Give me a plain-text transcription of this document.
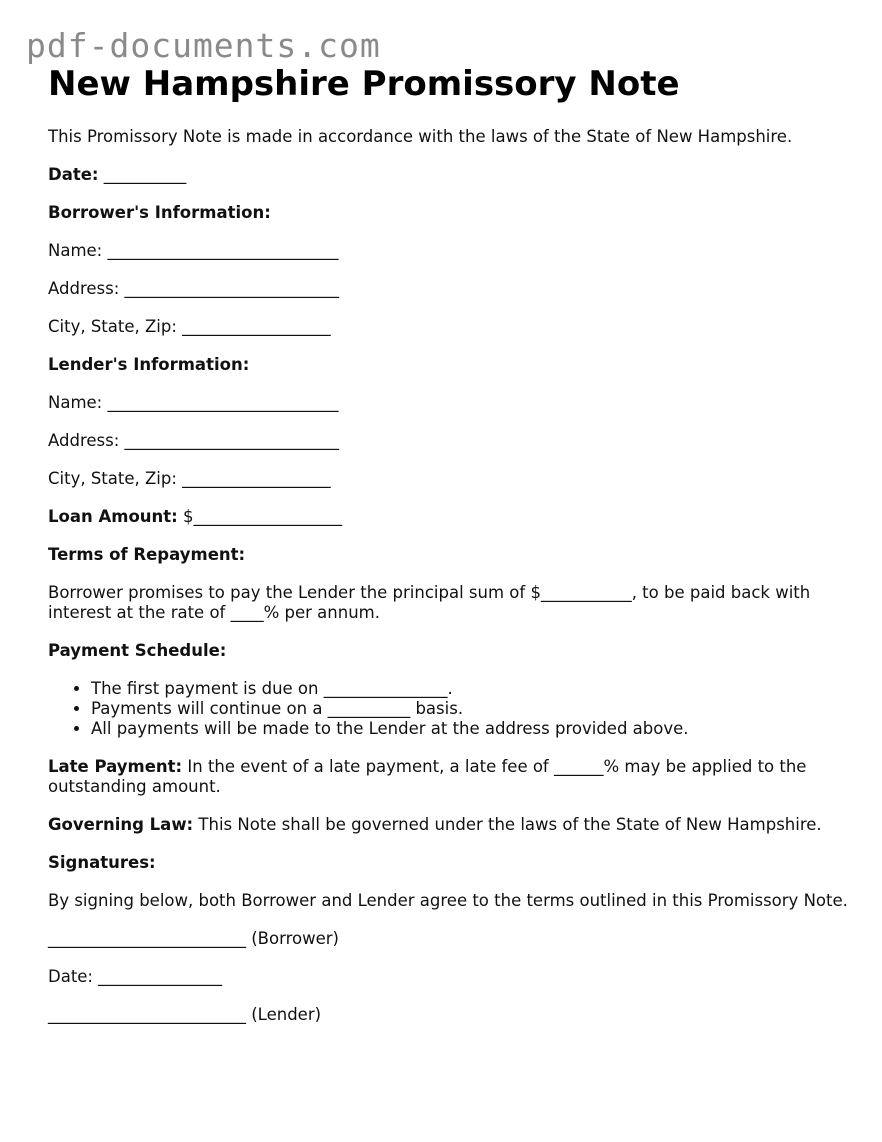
pdf-documents.com
New Hampshire Promissory Note

This Promissory Note is made in accordance with the laws of the State of New Hampshire.

Date: __________

Borrower's Information:

Name: ____________________________

Address: __________________________

City, State, Zip: __________________

Lender's Information:

Name: ____________________________

Address: __________________________

City, State, Zip: __________________

Loan Amount: $__________________

Terms of Repayment:

Borrower promises to pay the Lender the principal sum of $___________, to be paid back with interest at the rate of ____% per annum.

Payment Schedule:

• The first payment is due on _______________.
• Payments will continue on a __________ basis.
• All payments will be made to the Lender at the address provided above.

Late Payment: In the event of a late payment, a late fee of ______% may be applied to the outstanding amount.

Governing Law: This Note shall be governed under the laws of the State of New Hampshire.

Signatures:

By signing below, both Borrower and Lender agree to the terms outlined in this Promissory Note.

________________________ (Borrower)

Date: _______________

________________________ (Lender)
